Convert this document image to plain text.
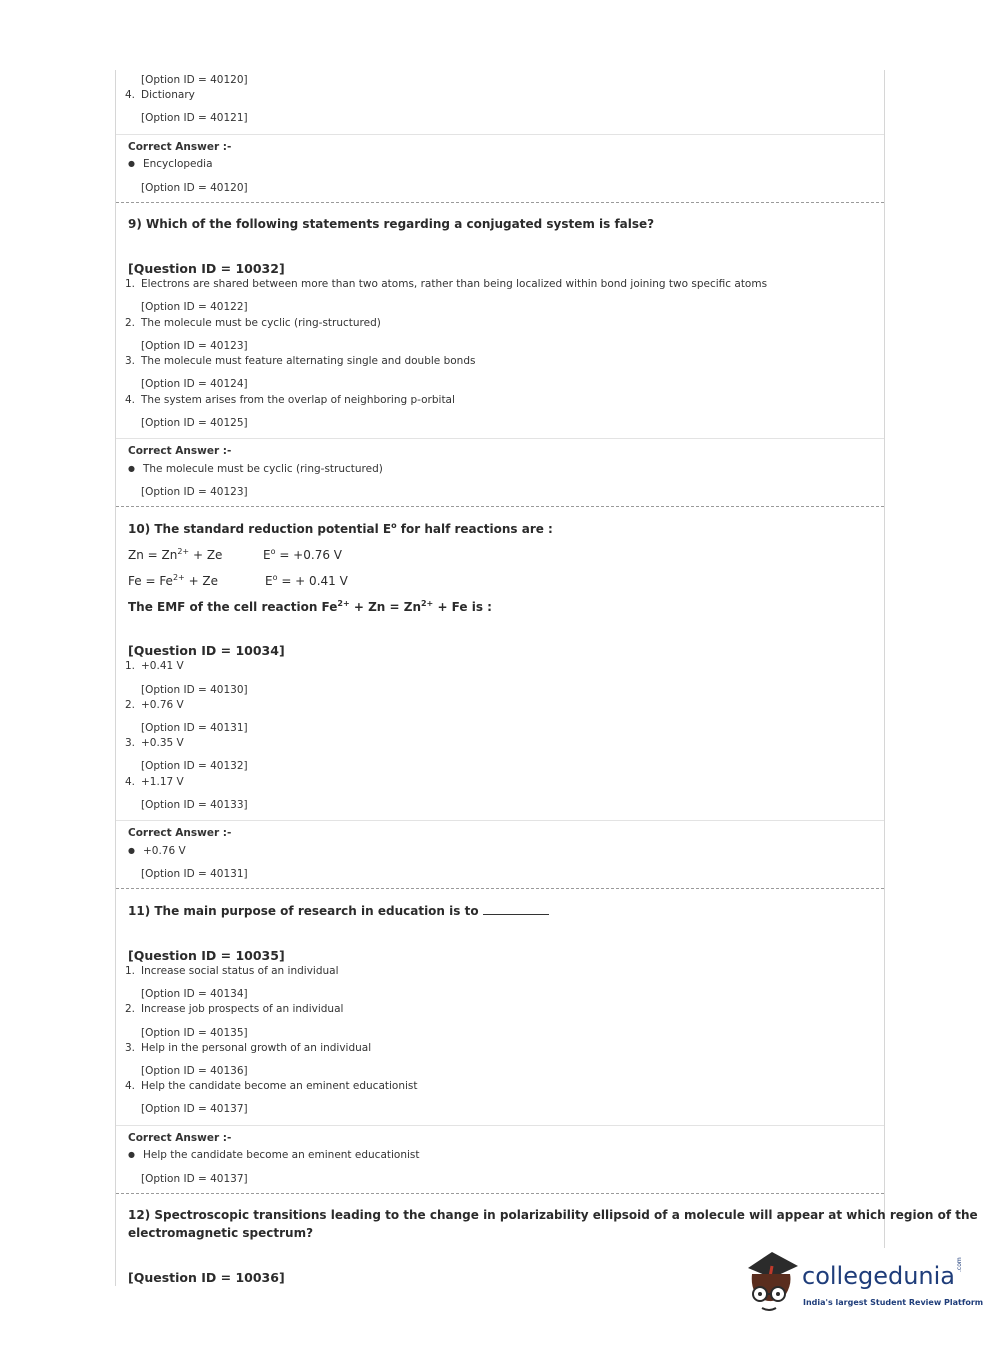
[Option ID = 40120]
4. Dictionary
[Option ID = 40121]
Correct Answer :-
● Encyclopedia
[Option ID = 40120]
9) Which of the following statements regarding a conjugated system is false?
[Question ID = 10032]
1. Electrons are shared between more than two atoms, rather than being localized within bond joining two specific atoms
[Option ID = 40122]
2. The molecule must be cyclic (ring-structured)
[Option ID = 40123]
3. The molecule must feature alternating single and double bonds
[Option ID = 40124]
4. The system arises from the overlap of neighboring p-orbital
[Option ID = 40125]
Correct Answer :-
● The molecule must be cyclic (ring-structured)
[Option ID = 40123]
10) The standard reduction potential $E^o$ for half reactions are :
$Zn = Zn^{2+} + Ze$	$E^o = +0.76$ V
$Fe = Fe^{2+} + Ze$	$E^o$ = + 0.41 V
The EMF of the cell reaction $Fe^{2+} + Zn = Zn^{2+} + Fe$ is :
[Question ID = 10034]
1. +0.41 V
[Option ID = 40130]
2. +0.76 V
[Option ID = 40131]
3. +0.35 V
[Option ID = 40132]
4. +1.17 V
[Option ID = 40133]
Correct Answer :-
● +0.76 V
[Option ID = 40131]
11) The main purpose of research in education is to
[Question ID = 10035]
1. Increase social status of an individual
[Option ID = 40134]
2. Increase job prospects of an individual
[Option ID = 40135]
3. Help in the personal growth of an individual
[Option ID = 40136]
4. Help the candidate become an eminent educationist
[Option ID = 40137]
Correct Answer :-
● Help the candidate become an eminent educationist
[Option ID = 40137]
12) Spectroscopic transitions leading to the change in polarizability ellipsoid of a molecule will appear at which region of the
electromagnetic spectrum?
[Question ID = 10036]	collegedunia .com
India's largest Student Review Platform
